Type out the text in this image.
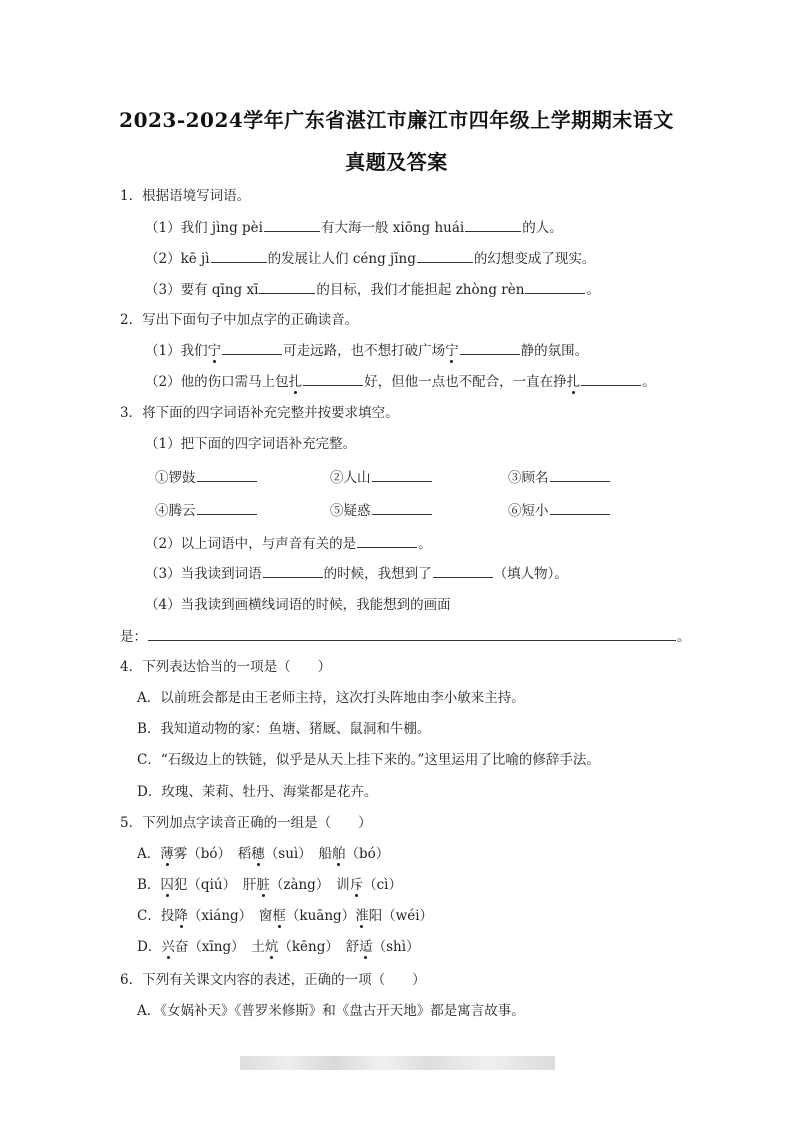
2023-2024学年广东省湛江市廉江市四年级上学期期末语文
真题及答案
1．根据语境写词语。
（1）我们 jìng pèi	有大海一般 xiōng huái	的人。
（2）kē jì	的发展让人们 céng jīng	的幻想变成了现实。
（3）要有 qīng xī	的目标，我们才能担起 zhòng rèn	。
2．写出下面句子中加点字的正确读音。
（1）我们宁	可走远路，也不想打破广场宁	静的氛围。
（2）他的伤口需马上包扎	好，但他一点也不配合，一直在挣扎	。
3．将下面的四字词语补充完整并按要求填空。
（1）把下面的四字词语补充完整。
①锣鼓	②人山	③顾名
④腾云	⑤疑惑	⑥短小
（2）以上词语中，与声音有关的是	。
（3）当我读到词语	的时候，我想到了	（填人物）。
（4）当我读到画横线词语的时候，我能想到的画面
是：	。
4．下列表达恰当的一项是（　　）
A．以前班会都是由王老师主持，这次打头阵地由李小敏来主持。
B．我知道动物的家：鱼塘、猪厩、鼠洞和牛棚。
C．“石级边上的铁链，似乎是从天上挂下来的。”这里运用了比喻的修辞手法。
D．玫瑰、茉莉、牡丹、海棠都是花卉。
5．下列加点字读音正确的一组是（　　）
A．薄雾（bó）  稻穗（suì）  船舶（bó）
B．囚犯（qiú）  肝脏（zàng）  训斥（cì）
C．投降（xiáng）  窗框（kuāng）淮阳（wéi）
D．兴奋（xīng）  土炕（kēng）  舒适（shì）
6．下列有关课文内容的表述，正确的一项（　　）
A．《女娲补天》《普罗米修斯》和《盘古开天地》都是寓言故事。
